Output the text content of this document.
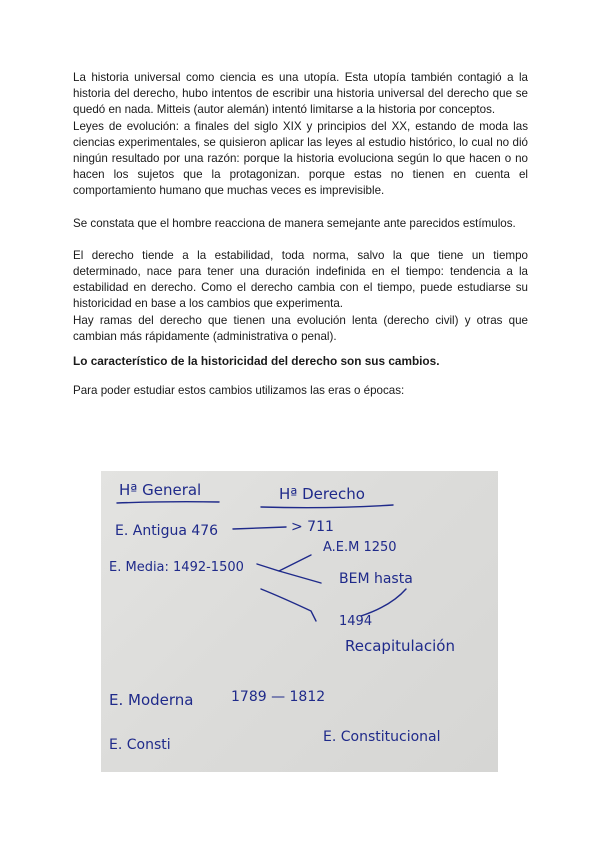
La historia universal como ciencia es una utopía. Esta utopía también contagió a la historia del derecho, hubo intentos de escribir una historia universal del derecho que se quedó en nada. Mitteis (autor alemán) intentó limitarse a la historia por conceptos.

Leyes de evolución: a finales del siglo XIX y principios del XX, estando de moda las ciencias experimentales, se quisieron aplicar las leyes al estudio histórico, lo cual no dió ningún resultado por una razón: porque la historia evoluciona según lo que hacen o no hacen los sujetos que la protagonizan. porque estas no tienen en cuenta el comportamiento humano que muchas veces es imprevisible.

Se constata que el hombre reacciona de manera semejante ante parecidos estímulos.

El derecho tiende a la estabilidad, toda norma, salvo la que tiene un tiempo determinado, nace para tener una duración indefinida en el tiempo: tendencia a la estabilidad en derecho. Como el derecho cambia con el tiempo, puede estudiarse su historicidad en base a los cambios que experimenta.

Hay ramas del derecho que tienen una evolución lenta (derecho civil) y otras que cambian más rápidamente (administrativa o penal).

Lo característico de la historicidad del derecho son sus cambios.

Para poder estudiar estos cambios utilizamos las eras o épocas:

Hª General	Hª Derecho
E. Antigua 476	> 711
E. Media: 1492-1500
A.E.M 1250
BEM hasta
1494
Recapitulación
E. Moderna	1789 — 1812
E. Consti	E. Constitucional
